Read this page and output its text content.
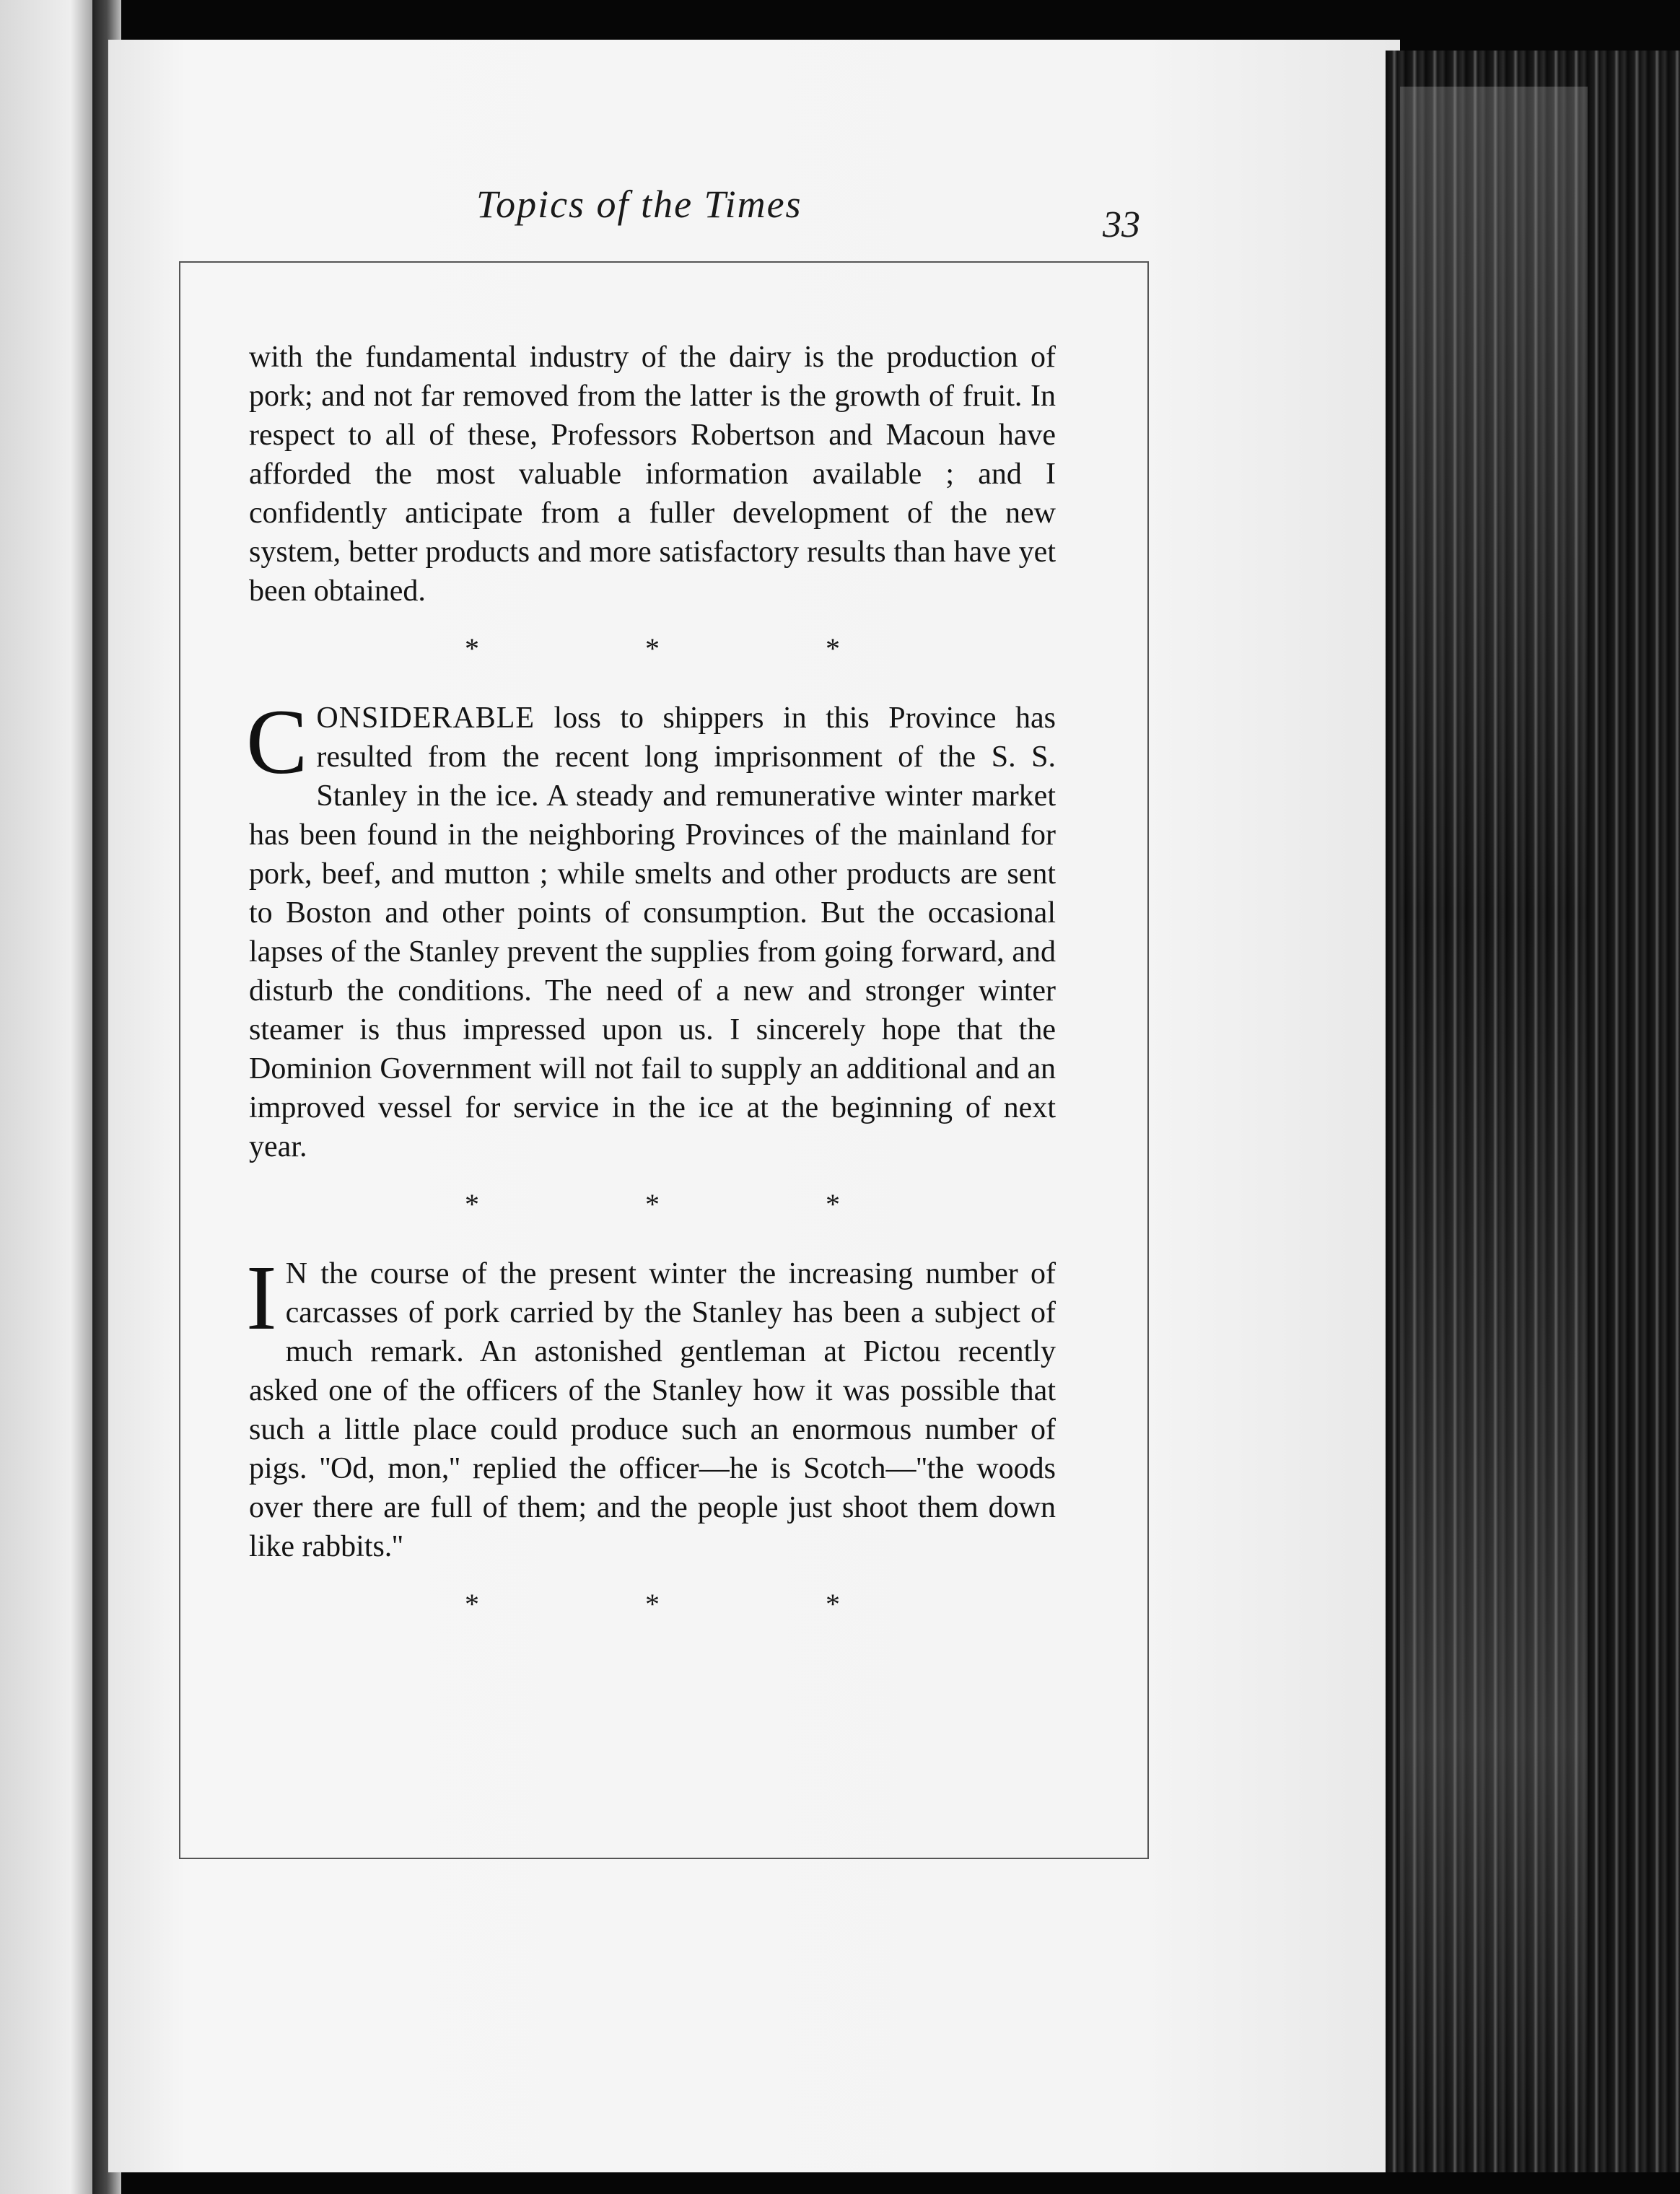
Topics of the Times	33

with the fundamental industry of the dairy is the production of pork; and not far removed from the latter is the growth of fruit. In respect to all of these, Professors Robertson and Macoun have afforded the most valuable information available ; and I confidently anticipate from a fuller development of the new system, better products and more satisfactory results than have yet been obtained.

* * *

CONSIDERABLE loss to shippers in this Province has resulted from the recent long imprisonment of the S. S. Stanley in the ice. A steady and remunerative winter market has been found in the neighboring Provinces of the mainland for pork, beef, and mutton ; while smelts and other products are sent to Boston and other points of consumption. But the occasional lapses of the Stanley prevent the supplies from going forward, and disturb the conditions. The need of a new and stronger winter steamer is thus impressed upon us. I sincerely hope that the Dominion Government will not fail to supply an additional and an improved vessel for service in the ice at the beginning of next year.

* * *

I N the course of the present winter the increasing number of carcasses of pork carried by the Stanley has been a subject of much remark. An astonished gentleman at Pictou recently asked one of the officers of the Stanley how it was possible that such a little place could produce such an enormous number of pigs. ''Od, mon,'' replied the officer—he is Scotch—''the woods over there are full of them; and the people just shoot them down like rabbits.''

* * *
